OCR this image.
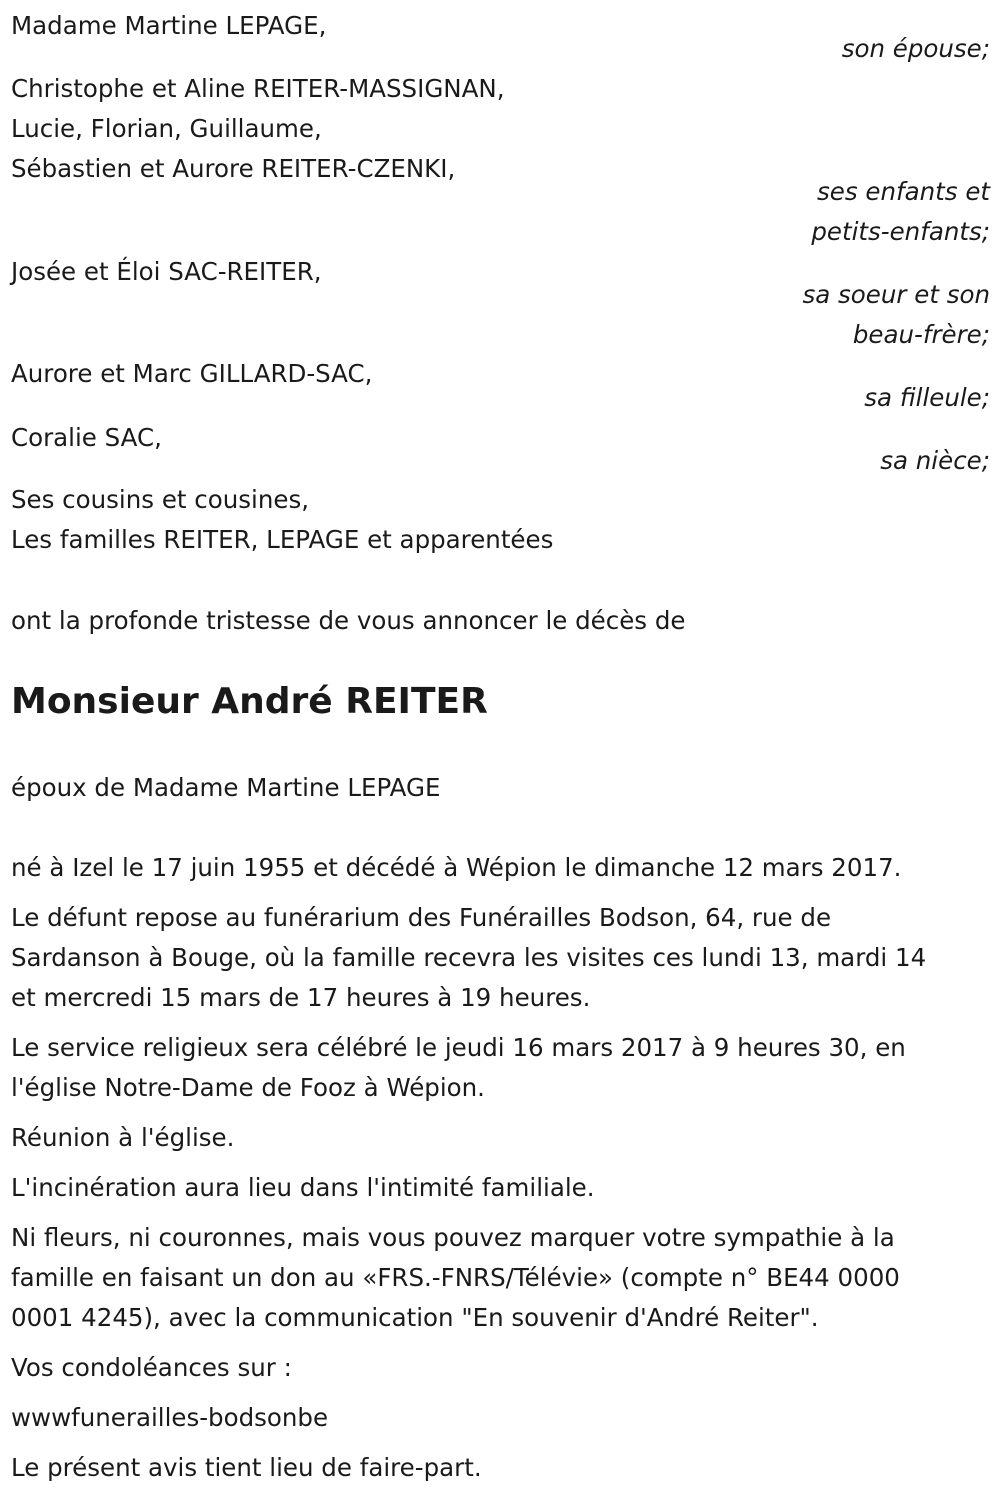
Madame Martine LEPAGE,
son épouse;
Christophe et Aline REITER-MASSIGNAN,
Lucie, Florian, Guillaume,
Sébastien et Aurore REITER-CZENKI,
ses enfants et
petits-enfants;
Josée et Éloi SAC-REITER,
sa soeur et son
beau-frère;
Aurore et Marc GILLARD-SAC,
sa filleule;
Coralie SAC,
sa nièce;
Ses cousins et cousines,
Les familles REITER, LEPAGE et apparentées
ont la profonde tristesse de vous annoncer le décès de
Monsieur André REITER
époux de Madame Martine LEPAGE
né à Izel le 17 juin 1955 et décédé à Wépion le dimanche 12 mars 2017.
Le défunt repose au funérarium des Funérailles Bodson, 64, rue de
Sardanson à Bouge, où la famille recevra les visites ces lundi 13, mardi 14
et mercredi 15 mars de 17 heures à 19 heures.
Le service religieux sera célébré le jeudi 16 mars 2017 à 9 heures 30, en
l'église Notre-Dame de Fooz à Wépion.
Réunion à l'église.
L'incinération aura lieu dans l'intimité familiale.
Ni fleurs, ni couronnes, mais vous pouvez marquer votre sympathie à la
famille en faisant un don au «FRS.-FNRS/Télévie» (compte n° BE44 0000
0001 4245), avec la communication "En souvenir d'André Reiter".
Vos condoléances sur :
wwwfunerailles-bodsonbe
Le présent avis tient lieu de faire-part.
